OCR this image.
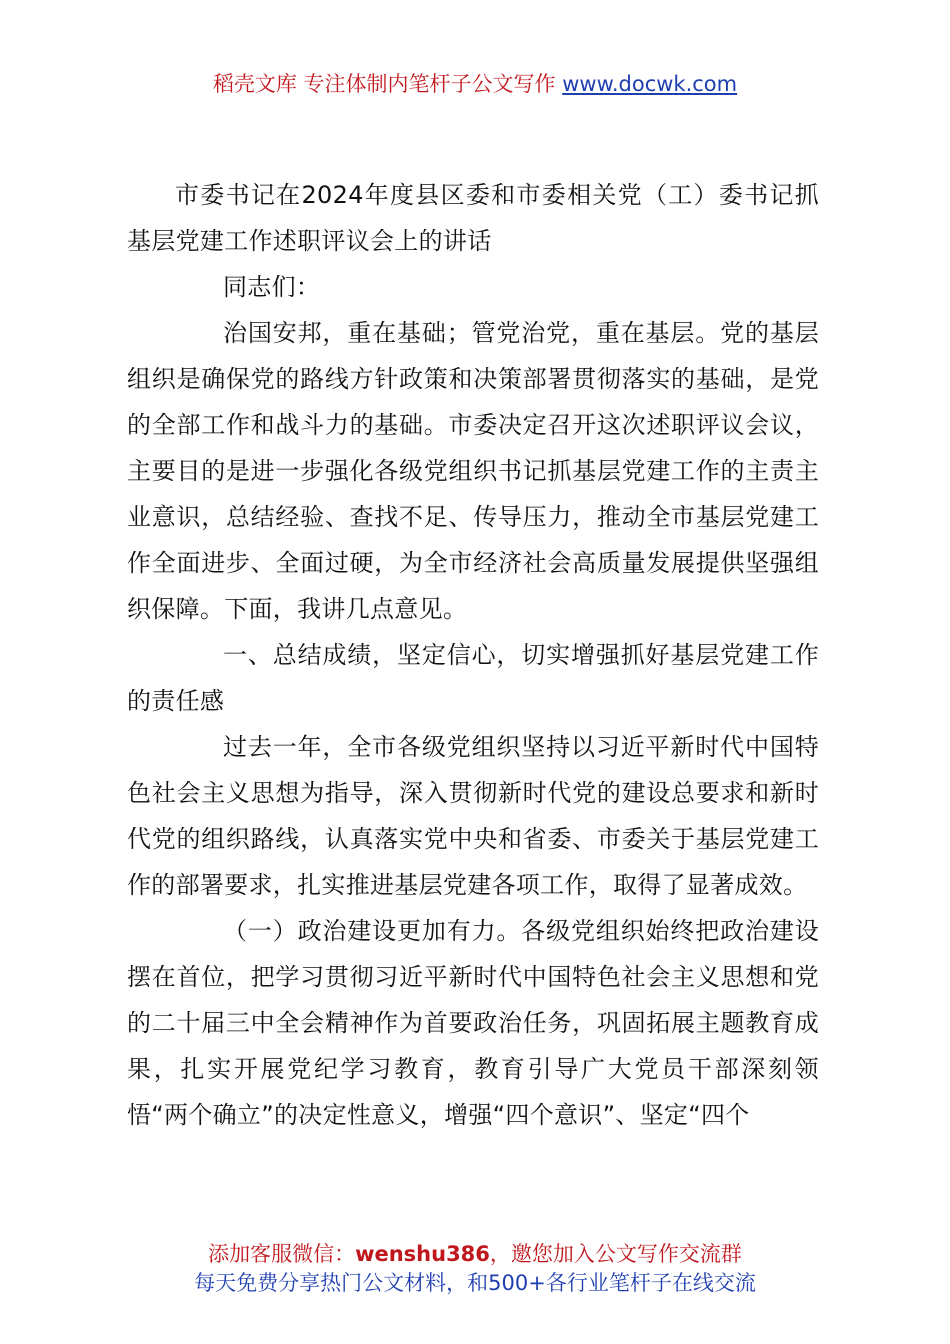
稻壳文库 专注体制内笔杆子公文写作 www.docwk.com

市委书记在2024年度县区委和市委相关党（工）委书记抓基层党建工作述职评议会上的讲话

同志们：

治国安邦，重在基础；管党治党，重在基层。党的基层组织是确保党的路线方针政策和决策部署贯彻落实的基础，是党的全部工作和战斗力的基础。市委决定召开这次述职评议会议，主要目的是进一步强化各级党组织书记抓基层党建工作的主责主业意识，总结经验、查找不足、传导压力，推动全市基层党建工作全面进步、全面过硬，为全市经济社会高质量发展提供坚强组织保障。下面，我讲几点意见。

一、总结成绩，坚定信心，切实增强抓好基层党建工作的责任感

过去一年，全市各级党组织坚持以习近平新时代中国特色社会主义思想为指导，深入贯彻新时代党的建设总要求和新时代党的组织路线，认真落实党中央和省委、市委关于基层党建工作的部署要求，扎实推进基层党建各项工作，取得了显著成效。

（一）政治建设更加有力。各级党组织始终把政治建设摆在首位，把学习贯彻习近平新时代中国特色社会主义思想和党的二十届三中全会精神作为首要政治任务，巩固拓展主题教育成果，扎实开展党纪学习教育，教育引导广大党员干部深刻领悟“两个确立”的决定性意义，增强“四个意识”、坚定“四个

添加客服微信：wenshu386，邀您加入公文写作交流群
每天免费分享热门公文材料，和500+各行业笔杆子在线交流
